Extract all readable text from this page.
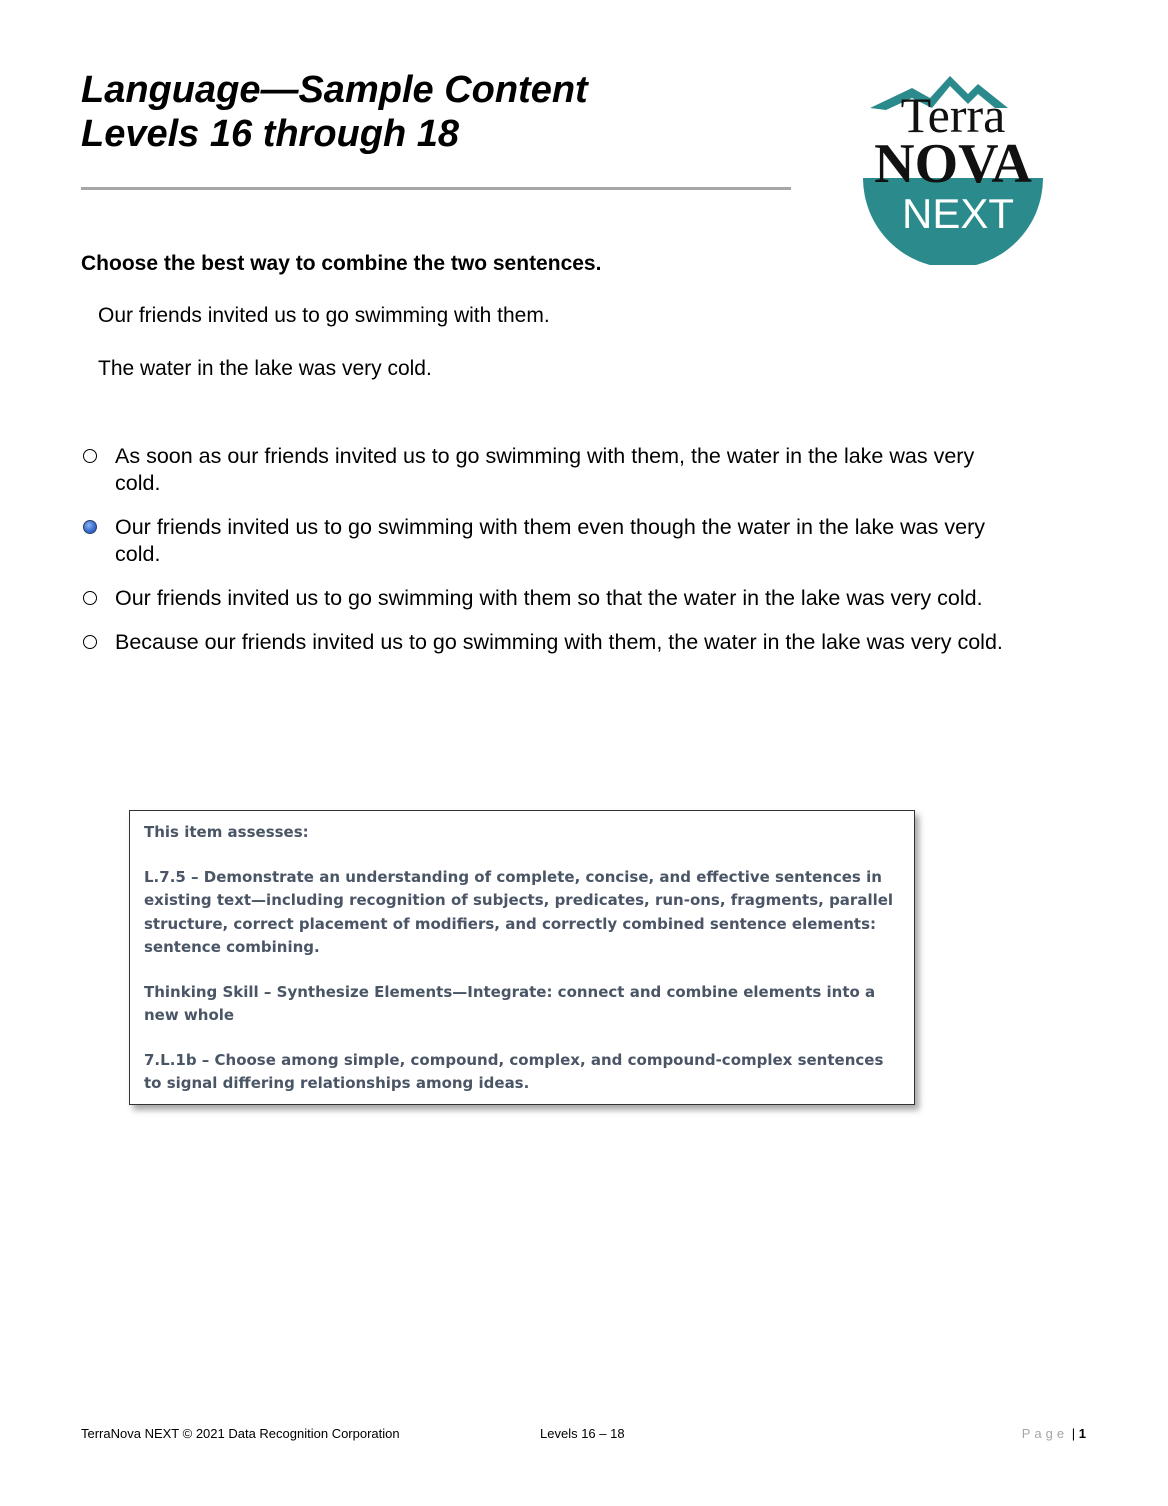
Language—Sample Content
Levels 16 through 18	Terra
NOVA
NEXT
Choose the best way to combine the two sentences.
Our friends invited us to go swimming with them.
The water in the lake was very cold.
As soon as our friends invited us to go swimming with them, the water in the lake was very cold.
Our friends invited us to go swimming with them even though the water in the lake was very cold.
Our friends invited us to go swimming with them so that the water in the lake was very cold.
Because our friends invited us to go swimming with them, the water in the lake was very cold.

This item assesses:

L.7.5 – Demonstrate an understanding of complete, concise, and effective sentences in existing text—including recognition of subjects, predicates, run-ons, fragments, parallel structure, correct placement of modifiers, and correctly combined sentence elements: sentence combining.

Thinking Skill – Synthesize Elements—Integrate: connect and combine elements into a new whole

7.L.1b – Choose among simple, compound, complex, and compound-complex sentences to signal differing relationships among ideas.

TerraNova NEXT © 2021 Data Recognition Corporation	Levels 16 – 18	Page | 1
